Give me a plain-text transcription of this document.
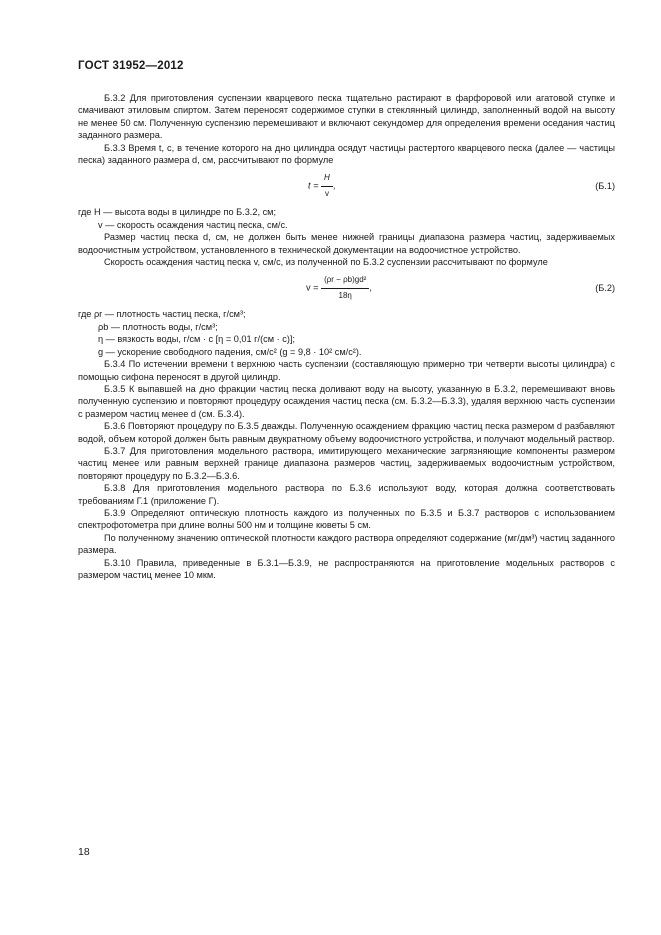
ГОСТ 31952—2012

Б.3.2 Для приготовления суспензии кварцевого песка тщательно растирают в фарфоровой или агатовой ступке и смачивают этиловым спиртом. Затем переносят содержимое ступки в стеклянный цилиндр, заполненный водой на высоту не менее 50 см. Полученную суспензию перемешивают и включают секундомер для определения времени оседания частиц заданного размера.

Б.3.3 Время t, с, в течение которого на дно цилиндра осядут частицы растертого кварцевого песка (далее — частицы песка) заданного размера d, см, рассчитывают по формуле

$t = \frac{H}{v}$ ,	(Б.1)

где H — высота воды в цилиндре по Б.3.2, см;

v — скорость осаждения частиц песка, см/с.

Размер частиц песка d, см, не должен быть менее нижней границы диапазона размера частиц, задерживаемых водоочистным устройством, установленного в технической документации на водоочистное устройство.

Скорость осаждения частиц песка v, см/с, из полученной по Б.3.2 суспензии рассчитывают по формуле

$v = \frac{\text{(ρr − ρb)gd²}}{18\eta}$ ,	(Б.2)

где ρr — плотность частиц песка, г/см³;

ρb — плотность воды, г/см³;

η — вязкость воды, г/см · с [η = 0,01 г/(см · с)];

g — ускорение свободного падения, см/с² (g = 9,8 · 10² см/с²).

Б.3.4 По истечении времени t верхнюю часть суспензии (составляющую примерно три четверти высоты цилиндра) с помощью сифона переносят в другой цилиндр.

Б.3.5 К выпавшей на дно фракции частиц песка доливают воду на высоту, указанную в Б.3.2, перемешивают вновь полученную суспензию и повторяют процедуру осаждения частиц песка (см. Б.3.2—Б.3.3), удаляя верхнюю часть суспензии с размером частиц менее d (см. Б.3.4).

Б.3.6 Повторяют процедуру по Б.3.5 дважды. Полученную осаждением фракцию частиц песка размером d разбавляют водой, объем которой должен быть равным двукратному объему водоочистного устройства, и получают модельный раствор.

Б.3.7 Для приготовления модельного раствора, имитирующего механические загрязняющие компоненты размером частиц менее или равным верхней границе диапазона размеров частиц, задерживаемых водоочистным устройством, повторяют процедуру по Б.3.2—Б.3.6.

Б.3.8 Для приготовления модельного раствора по Б.3.6 используют воду, которая должна соответствовать требованиям Г.1 (приложение Г).

Б.3.9 Определяют оптическую плотность каждого из полученных по Б.3.5 и Б.3.7 растворов с использованием спектрофотометра при длине волны 500 нм и толщине кюветы 5 см.

По полученному значению оптической плотности каждого раствора определяют содержание (мг/дм³) частиц заданного размера.

Б.3.10 Правила, приведенные в Б.3.1—Б.3.9, не распространяются на приготовление модельных растворов с размером частиц менее 10 мкм.

18
